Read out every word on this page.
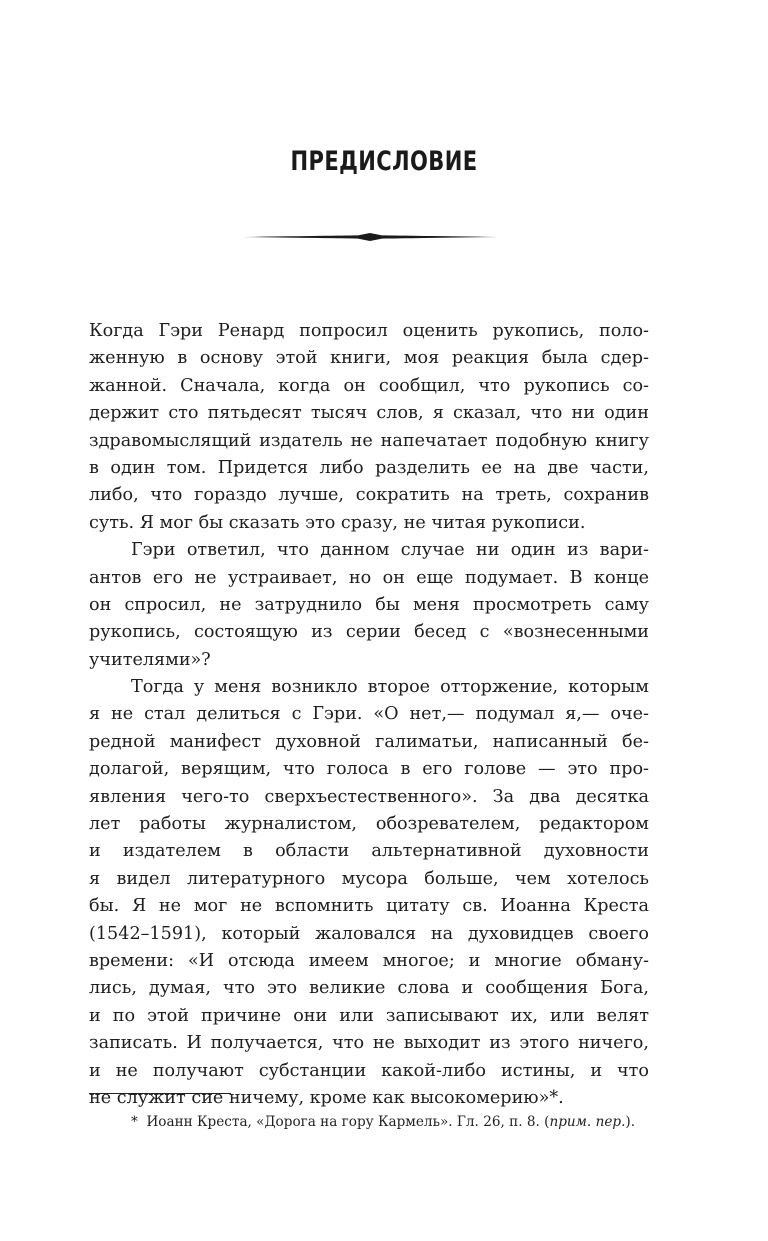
ПРЕДИСЛОВИЕ
Когда Гэри Ренард попросил оценить рукопись, поло-
женную в основу этой книги, моя реакция была сдер-
жанной. Сначала, когда он сообщил, что рукопись со-
держит сто пятьдесят тысяч слов, я сказал, что ни один
здравомыслящий издатель не напечатает подобную книгу
в один том. Придется либо разделить ее на две части,
либо, что гораздо лучше, сократить на треть, сохранив
суть. Я мог бы сказать это сразу, не читая рукописи.
Гэри ответил, что данном случае ни один из вари-
антов его не устраивает, но он еще подумает. В конце
он спросил, не затруднило бы меня просмотреть саму
рукопись, состоящую из серии бесед с «вознесенными
учителями»?
Тогда у меня возникло второе отторжение, которым
я не стал делиться с Гэри. «О нет,— подумал я,— оче-
редной манифест духовной галиматьи, написанный бе-
долагой, верящим, что голоса в его голове — это про-
явления чего-то сверхъестественного». За два десятка
лет работы журналистом, обозревателем, редактором
и издателем в области альтернативной духовности
я видел литературного мусора больше, чем хотелось
бы. Я не мог не вспомнить цитату св. Иоанна Креста
(1542–1591), который жаловался на духовидцев своего
времени: «И отсюда имеем многое; и многие обману-
лись, думая, что это великие слова и сообщения Бога,
и по этой причине они или записывают их, или велят
записать. И получается, что не выходит из этого ничего,
и не получают субстанции какой-либо истины, и что
не служит сие ничему, кроме как высокомерию»*.
* Иоанн Креста, «Дорога на гору Кармель». Гл. 26, п. 8. (прим. пер.).
